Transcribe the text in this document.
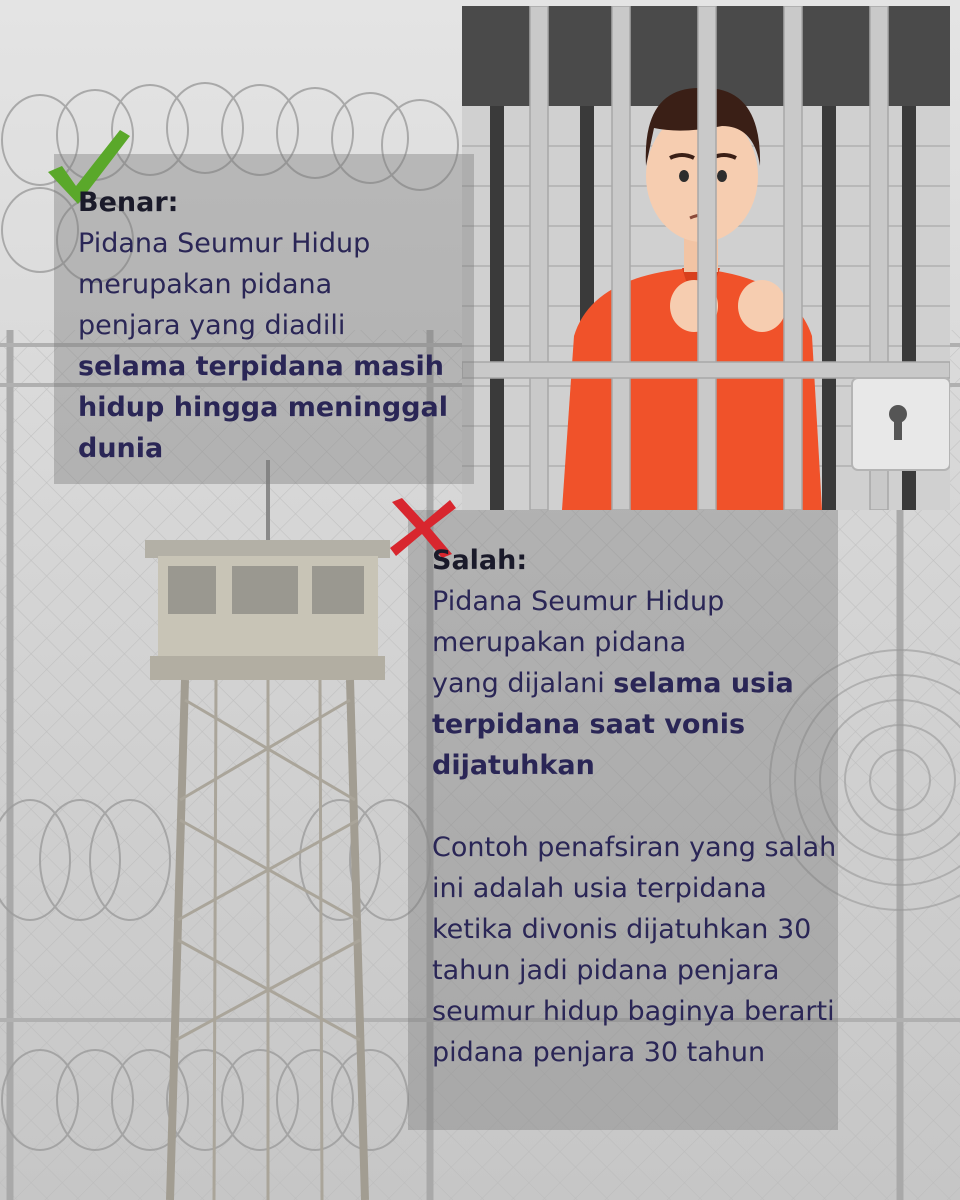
Benar:
Pidana Seumur Hidup
merupakan pidana
penjara yang diadili
selama terpidana masih hidup hingga meninggal dunia
Salah:
Pidana Seumur Hidup
merupakan pidana
yang dijalani selama usia terpidana saat vonis dijatuhkan
Contoh penafsiran yang salah ini adalah usia terpidana ketika divonis dijatuhkan 30 tahun jadi pidana penjara seumur hidup baginya berarti pidana penjara 30 tahun
